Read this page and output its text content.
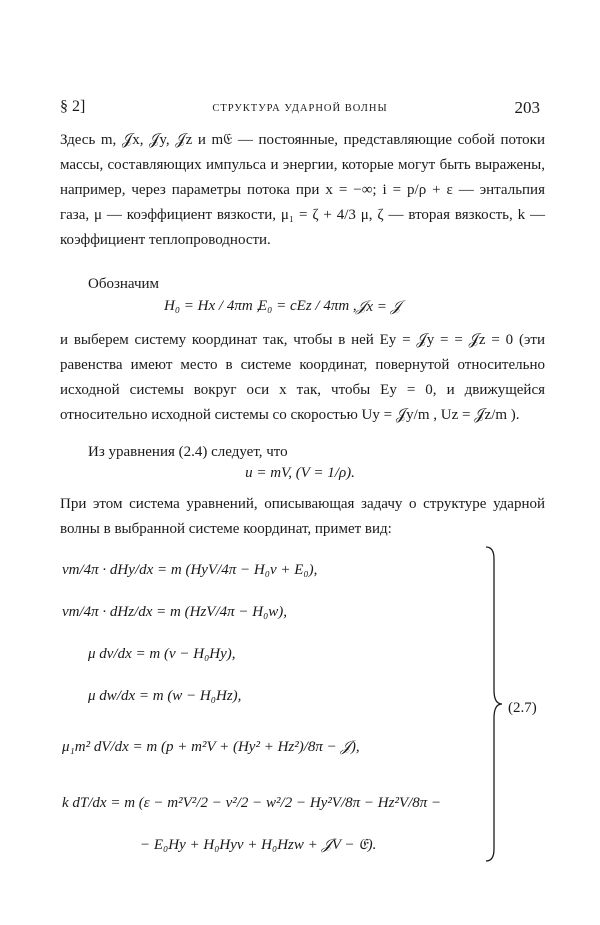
§ 2]	СТРУКТУРА УДАРНОЙ ВОЛНЫ	203
Здесь m, 𝒥x, 𝒥y, 𝒥z и m𝔈 — постоянные, представляющие собой потоки массы, составляющих импульса и энергии, которые могут быть выражены, например, через параметры потока при x = −∞; i = p/ρ + ε — энтальпия газа, μ — коэффициент вязкости, μ₁ = ζ + 4/3 μ, ζ — вторая вязкость, k — коэффициент теплопроводности.
Обозначим
H₀ = Hx / 4πm ,
E₀ = cEz / 4πm , 𝒥x = 𝒥
и выберем систему координат так, чтобы в ней Ey = 𝒥y = = 𝒥z = 0 (эти равенства имеют место в системе координат, повернутой относительно исходной системы вокруг оси x так, чтобы Ey = 0, и движущейся относительно исходной системы со скоростью Uy = 𝒥y/m , Uz = 𝒥z/m ).
Из уравнения (2.4) следует, что
u = mV, (V = 1/ρ).
При этом система уравнений, описывающая задачу о структуре ударной волны в выбранной системе координат, примет вид:
νm/4π · dHy/dx = m (HyV/4π − H₀v + E₀),
νm/4π · dHz/dx = m (HzV/4π − H₀w),
μ dv/dx = m (v − H₀Hy),
μ dw/dx = m (w − H₀Hz),
μ₁m² dV/dx = m (p + m²V + (Hy² + Hz²)/8π − 𝒥),
k dT/dx = m (ε − m²V²/2 − v²/2 − w²/2 − Hy²V/8π − Hz²V/8π −
− E₀Hy + H₀Hyv + H₀Hzw + 𝒥V − 𝔈).
(2.7)
